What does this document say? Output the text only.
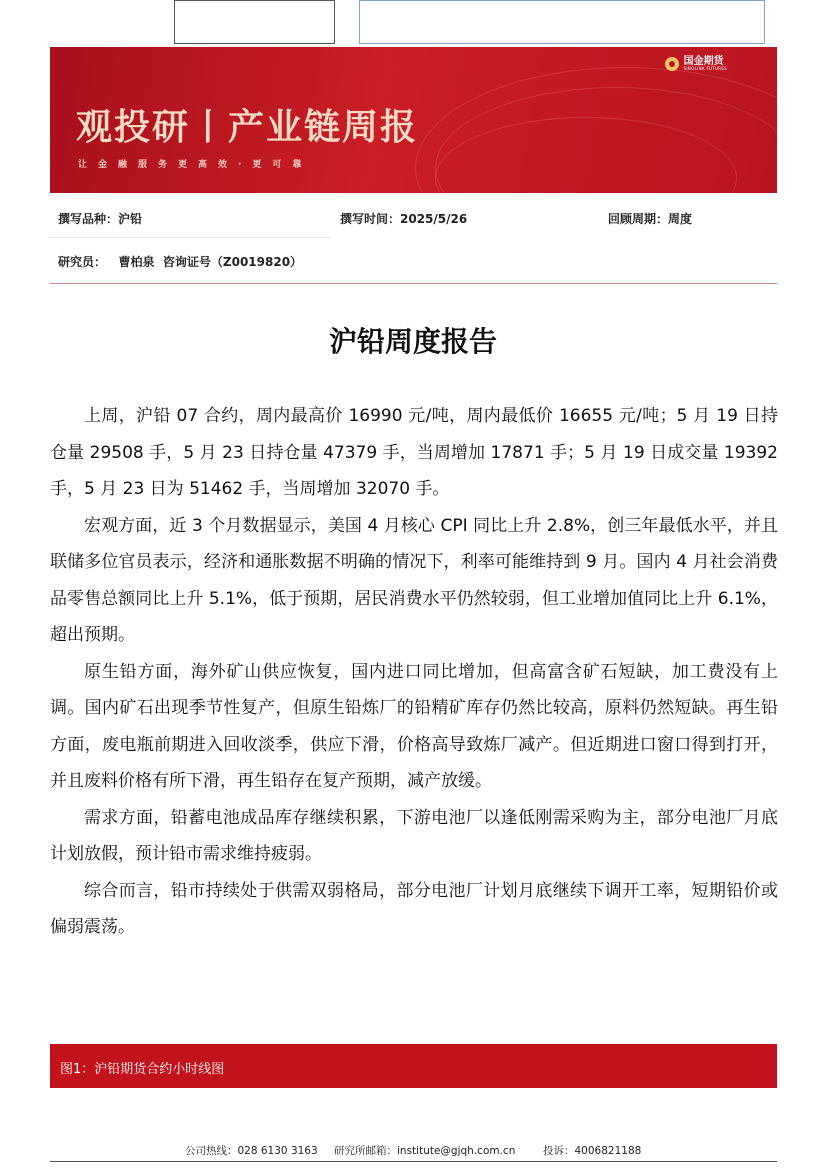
国金期货
SINOLINK FUTURES
观投研丨产业链周报
让金融服务更高效·更可靠
撰写品种：沪铅	撰写时间：2025/5/26	回顾周期：周度
研究员：   曹柏泉  咨询证号（Z0019820）
沪铅周度报告

上周，沪铅 07 合约，周内最高价 16990 元/吨，周内最低价 16655 元/吨；5 月 19 日持仓量 29508 手，5 月 23 日持仓量 47379 手，当周增加 17871 手；5 月 19 日成交量 19392 手，5 月 23 日为 51462 手，当周增加 32070 手。

宏观方面，近 3 个月数据显示，美国 4 月核心 CPI 同比上升 2.8%，创三年最低水平，并且联储多位官员表示，经济和通胀数据不明确的情况下，利率可能维持到 9 月。国内 4 月社会消费品零售总额同比上升 5.1%，低于预期，居民消费水平仍然较弱，但工业增加值同比上升 6.1%，超出预期。

原生铅方面，海外矿山供应恢复，国内进口同比增加，但高富含矿石短缺，加工费没有上调。国内矿石出现季节性复产，但原生铅炼厂的铅精矿库存仍然比较高，原料仍然短缺。再生铅方面，废电瓶前期进入回收淡季，供应下滑，价格高导致炼厂减产。但近期进口窗口得到打开，并且废料价格有所下滑，再生铅存在复产预期，减产放缓。

需求方面，铅蓄电池成品库存继续积累，下游电池厂以逢低刚需采购为主，部分电池厂月底计划放假，预计铅市需求维持疲弱。

综合而言，铅市持续处于供需双弱格局，部分电池厂计划月底继续下调开工率，短期铅价或偏弱震荡。

图1：沪铅期货合约小时线图
公司热线：028 6130 3163 研究所邮箱：institute@gjqh.com.cn	投诉：4006821188
